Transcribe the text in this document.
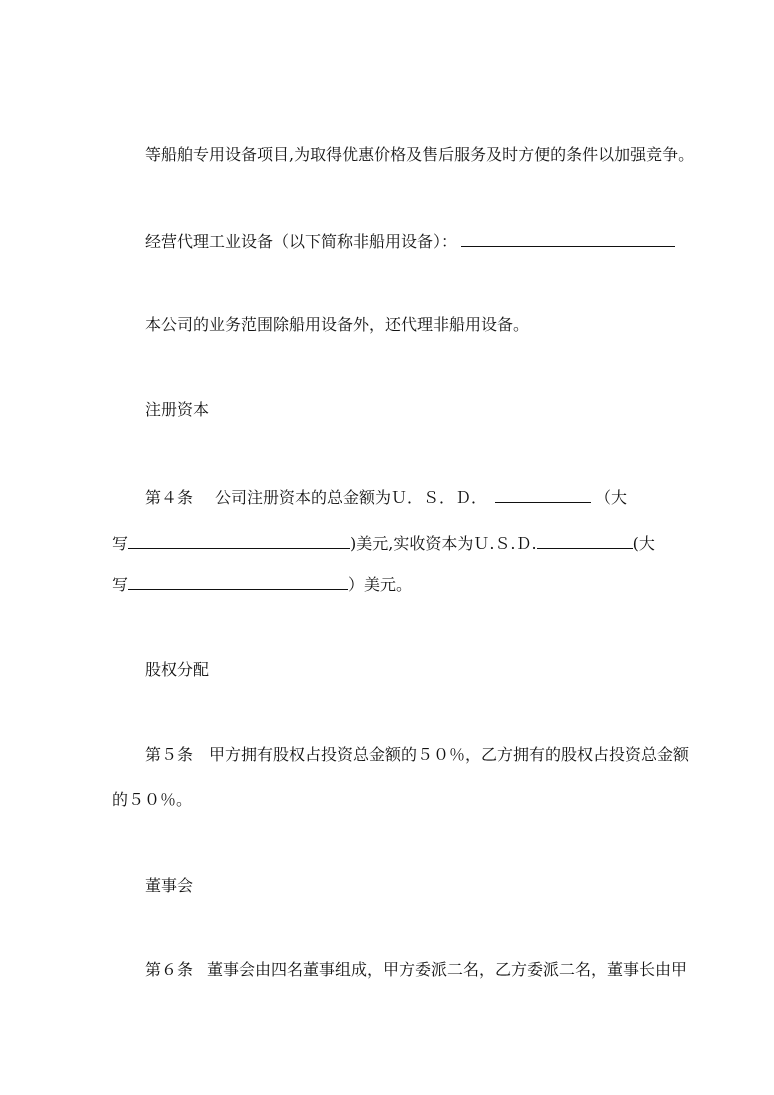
等船舶专用设备项目,为取得优惠价格及售后服务及时方便的条件以加强竞争。
经营代理工业设备（以下简称非船用设备）：
本公司的业务范围除船用设备外，还代理非船用设备。
注册资本
第４条 公司注册资本的总金额为Ｕ．Ｓ．Ｄ．	（大
写	)美元,实收资本为Ｕ.Ｓ.Ｄ.	(大
写	）美元。
股权分配
第５条 甲方拥有股权占投资总金额的５０％，乙方拥有的股权占投资总金额
的５０％。
董事会
第６条 董事会由四名董事组成，甲方委派二名，乙方委派二名，董事长由甲
